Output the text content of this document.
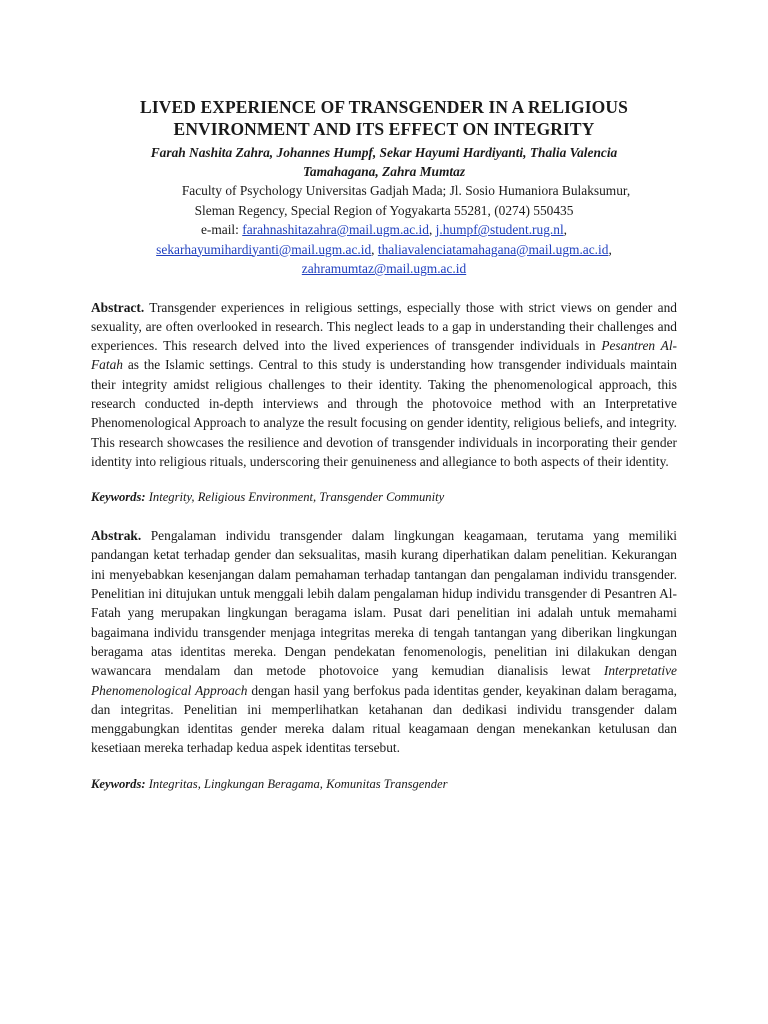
LIVED EXPERIENCE OF TRANSGENDER IN A RELIGIOUS
ENVIRONMENT AND ITS EFFECT ON INTEGRITY

Farah Nashita Zahra, Johannes Humpf, Sekar Hayumi Hardiyanti, Thalia Valencia
Tamahagana, Zahra Mumtaz

Faculty of Psychology Universitas Gadjah Mada; Jl. Sosio Humaniora Bulaksumur,
Sleman Regency, Special Region of Yogyakarta 55281, (0274) 550435

e-mail: farahnashitazahra@mail.ugm.ac.id, j.humpf@student.rug.nl,
sekarhayumihardiyanti@mail.ugm.ac.id, thaliavalenciatamahagana@mail.ugm.ac.id,
zahramumtaz@mail.ugm.ac.id

Abstract. Transgender experiences in religious settings, especially those with strict views on gender and sexuality, are often overlooked in research. This neglect leads to a gap in understanding their challenges and experiences. This research delved into the lived experiences of transgender individuals in Pesantren Al-Fatah as the Islamic settings. Central to this study is understanding how transgender individuals maintain their integrity amidst religious challenges to their identity. Taking the phenomenological approach, this research conducted in-depth interviews and through the photovoice method with an Interpretative Phenomenological Approach to analyze the result focusing on gender identity, religious beliefs, and integrity. This research showcases the resilience and devotion of transgender individuals in incorporating their gender identity into religious rituals, underscoring their genuineness and allegiance to both aspects of their identity.

Keywords: Integrity, Religious Environment, Transgender Community

Abstrak. Pengalaman individu transgender dalam lingkungan keagamaan, terutama yang memiliki pandangan ketat terhadap gender dan seksualitas, masih kurang diperhatikan dalam penelitian. Kekurangan ini menyebabkan kesenjangan dalam pemahaman terhadap tantangan dan pengalaman individu transgender. Penelitian ini ditujukan untuk menggali lebih dalam pengalaman hidup individu transgender di Pesantren Al-Fatah yang merupakan lingkungan beragama islam. Pusat dari penelitian ini adalah untuk memahami bagaimana individu transgender menjaga integritas mereka di tengah tantangan yang diberikan lingkungan beragama atas identitas mereka. Dengan pendekatan fenomenologis, penelitian ini dilakukan dengan wawancara mendalam dan metode photovoice yang kemudian dianalisis lewat Interpretative Phenomenological Approach dengan hasil yang berfokus pada identitas gender, keyakinan dalam beragama, dan integritas. Penelitian ini memperlihatkan ketahanan dan dedikasi individu transgender dalam menggabungkan identitas gender mereka dalam ritual keagamaan dengan menekankan ketulusan dan kesetiaan mereka terhadap kedua aspek identitas tersebut.

Keywords: Integritas, Lingkungan Beragama, Komunitas Transgender
